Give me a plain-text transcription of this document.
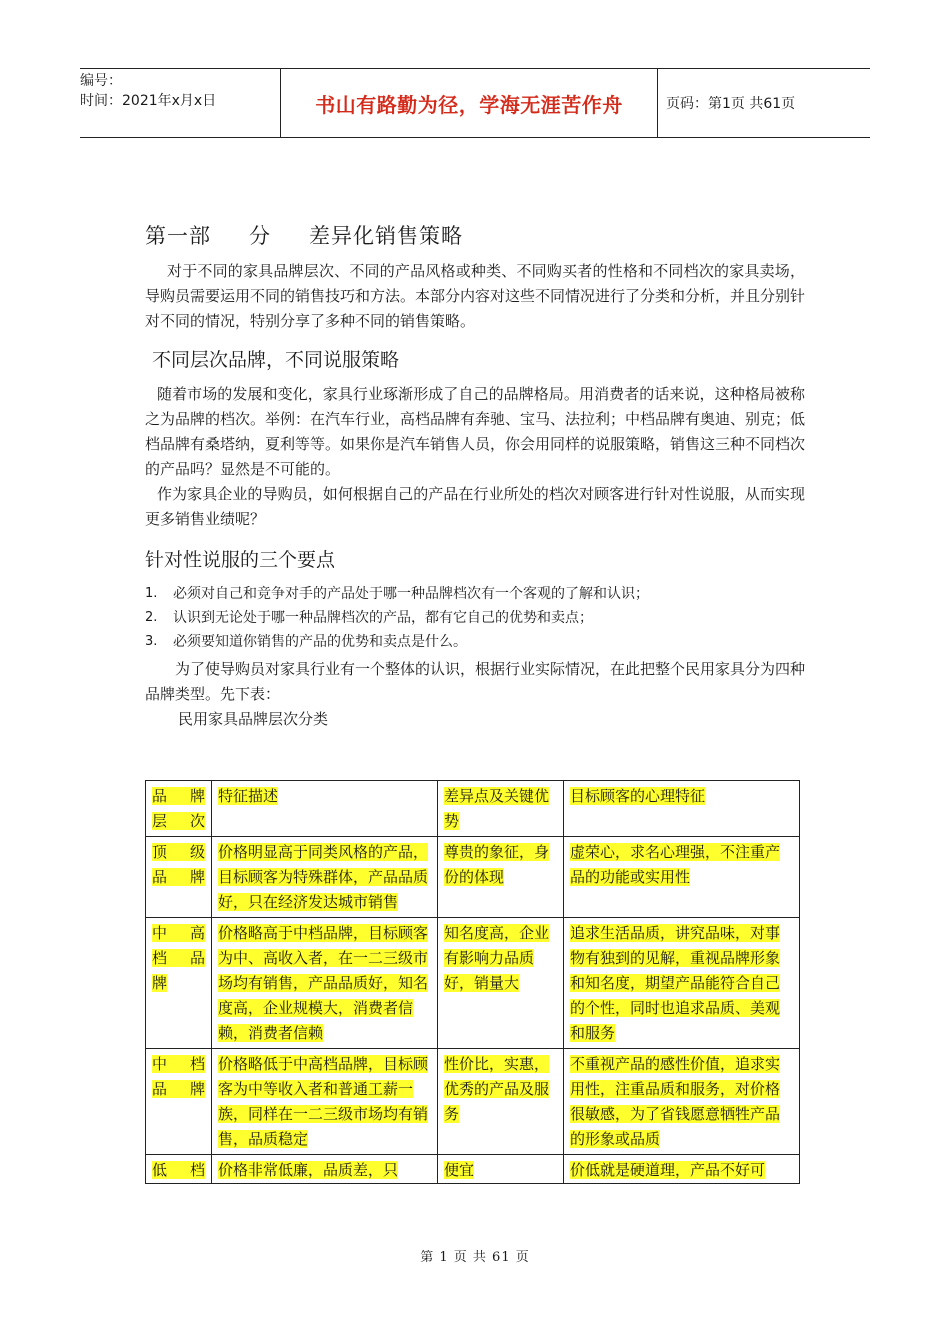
编号：
时间：2021年x月x日	书山有路勤为径，学海无涯苦作舟	页码：第1页 共61页
第一部 分 差异化销售策略
对于不同的家具品牌层次、不同的产品风格或种类、不同购买者的性格和不同档次的家具卖场，导购员需要运用不同的销售技巧和方法。本部分内容对这些不同情况进行了分类和分析，并且分别针对不同的情况，特别分享了多种不同的销售策略。
不同层次品牌，不同说服策略
随着市场的发展和变化，家具行业琢渐形成了自己的品牌格局。用消费者的话来说，这种格局被称之为品牌的档次。举例：在汽车行业，高档品牌有奔驰、宝马、法拉利；中档品牌有奥迪、别克；低档品牌有桑塔纳，夏利等等。如果你是汽车销售人员，你会用同样的说服策略，销售这三种不同档次的产品吗？显然是不可能的。
作为家具企业的导购员，如何根据自己的产品在行业所处的档次对顾客进行针对性说服，从而实现更多销售业绩呢？
针对性说服的三个要点
1.	必须对自己和竞争对手的产品处于哪一种品牌档次有一个客观的了解和认识；
2.	认识到无论处于哪一种品牌档次的产品，都有它自己的优势和卖点；
3.	必须要知道你销售的产品的优势和卖点是什么。
为了使导购员对家具行业有一个整体的认识，根据行业实际情况，在此把整个民用家具分为四种品牌类型。先下表：
民用家具品牌层次分类
品 牌 层 次	特征描述	差异点及关键优势	目标顾客的心理特征
顶 级 品牌	价格明显高于同类风格的产品，目标顾客为特殊群体，产品品质好，只在经济发达城市销售	尊贵的象征，身份的体现	虚荣心，求名心理强，不注重产品的功能或实用性
中 高 档 品 牌	价格略高于中档品牌，目标顾客为中、高收入者，在一二三级市场均有销售，产品品质好，知名度高，企业规模大，消费者信赖，消费者信赖	知名度高，企业有影响力品质好，销量大	追求生活品质，讲究品味，对事物有独到的见解，重视品牌形象和知名度，期望产品能符合自己的个性，同时也追求品质、美观和服务
中 档 品牌	价格略低于中高档品牌，目标顾客为中等收入者和普通工薪一族，同样在一二三级市场均有销售，品质稳定	性价比，实惠，优秀的产品及服务	不重视产品的感性价值，追求实用性，注重品质和服务，对价格很敏感，为了省钱愿意牺牲产品的形象或品质
低 档	价格非常低廉，品质差，只	便宜	价低就是硬道理，产品不好可
第 1 页 共 61 页
